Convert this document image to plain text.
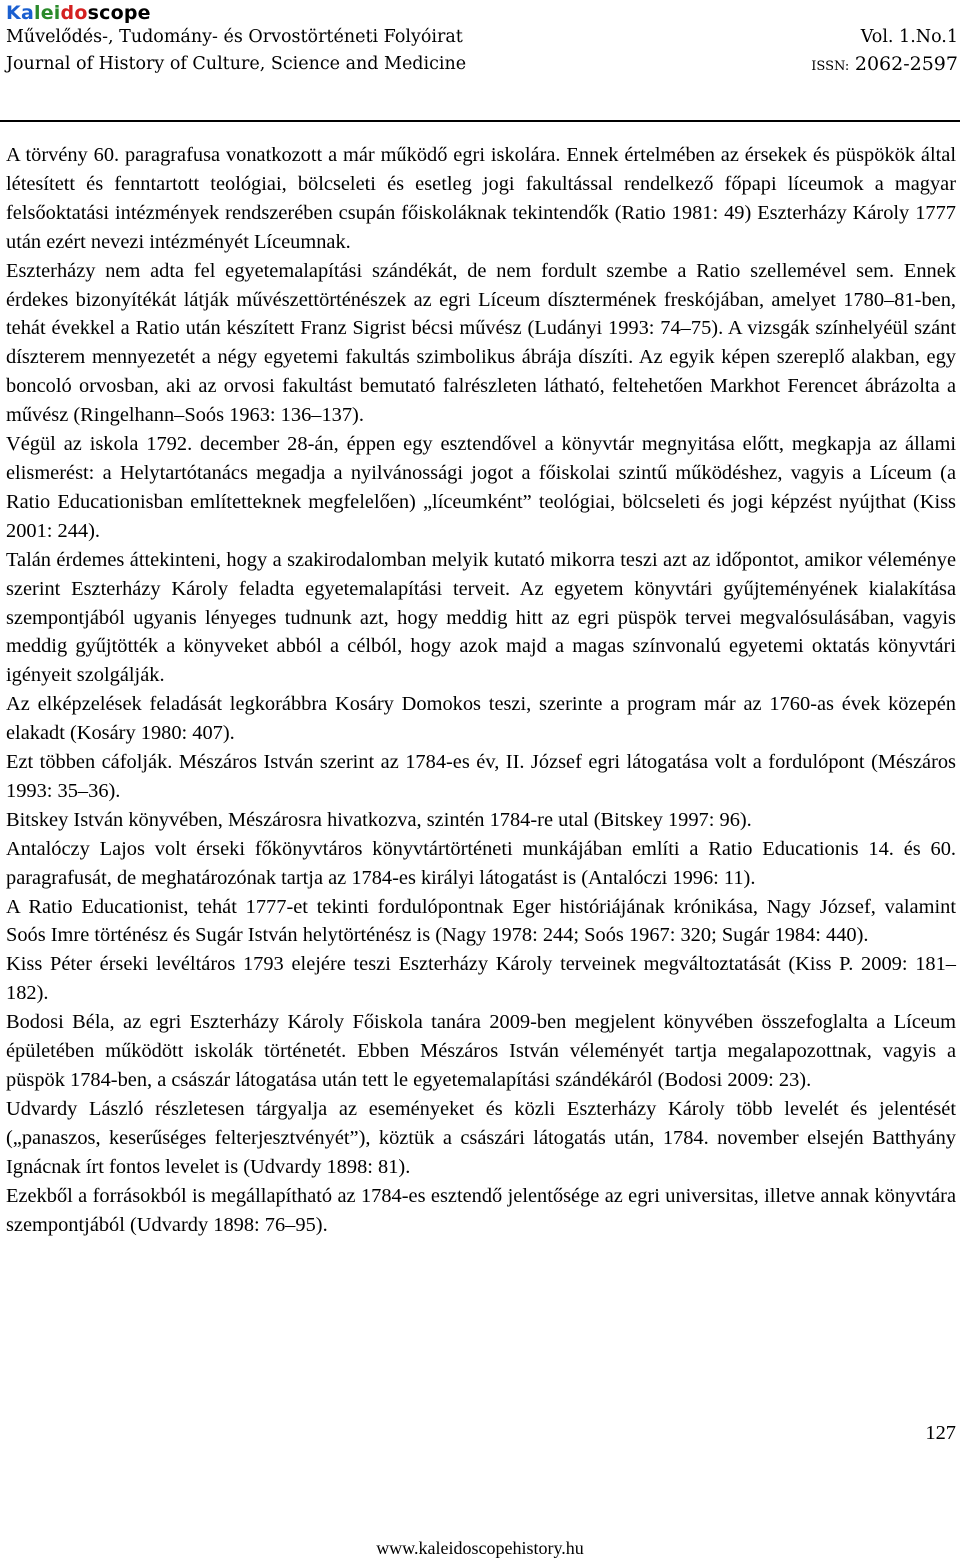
Kaleidoscope
Művelődés-, Tudomány- és Orvostörténeti Folyóirat	Vol. 1.No.1
Journal of History of Culture, Science and Medicine	ISSN: 2062-2597

A törvény 60. paragrafusa vonatkozott a már működő egri iskolára. Ennek értelmében az érsekek és püspökök által létesített és fenntartott teológiai, bölcseleti és esetleg jogi fakultással rendelkező főpapi líceumok a magyar felsőoktatási intézmények rendszerében csupán főiskoláknak tekintendők (Ratio 1981: 49) Eszterházy Károly 1777 után ezért nevezi intézményét Líceumnak.

Eszterházy nem adta fel egyetemalapítási szándékát, de nem fordult szembe a Ratio szellemével sem. Ennek érdekes bizonyítékát látják művészettörténészek az egri Líceum dísztermének freskójában, amelyet 1780–81-ben, tehát évekkel a Ratio után készített Franz Sigrist bécsi művész (Ludányi 1993: 74–75). A vizsgák színhelyéül szánt díszterem mennyezetét a négy egyetemi fakultás szimbolikus ábrája díszíti. Az egyik képen szereplő alakban, egy boncoló orvosban, aki az orvosi fakultást bemutató falrészleten látható, feltehetően Markhot Ferencet ábrázolta a művész (Ringelhann–Soós 1963: 136–137).

Végül az iskola 1792. december 28-án, éppen egy esztendővel a könyvtár megnyitása előtt, megkapja az állami elismerést: a Helytartótanács megadja a nyilvánossági jogot a főiskolai szintű működéshez, vagyis a Líceum (a Ratio Educationisban említetteknek megfelelően) „líceumként” teológiai, bölcseleti és jogi képzést nyújthat (Kiss 2001: 244).

Talán érdemes áttekinteni, hogy a szakirodalomban melyik kutató mikorra teszi azt az időpontot, amikor véleménye szerint Eszterházy Károly feladta egyetemalapítási terveit. Az egyetem könyvtári gyűjteményének kialakítása szempontjából ugyanis lényeges tudnunk azt, hogy meddig hitt az egri püspök tervei megvalósulásában, vagyis meddig gyűjtötték a könyveket abból a célból, hogy azok majd a magas színvonalú egyetemi oktatás könyvtári igényeit szolgálják.

Az elképzelések feladását legkorábbra Kosáry Domokos teszi, szerinte a program már az 1760-as évek közepén elakadt (Kosáry 1980: 407).

Ezt többen cáfolják. Mészáros István szerint az 1784-es év, II. József egri látogatása volt a fordulópont (Mészáros 1993: 35–36).

Bitskey István könyvében, Mészárosra hivatkozva, szintén 1784-re utal (Bitskey 1997: 96).

Antalóczy Lajos volt érseki főkönyvtáros könyvtártörténeti munkájában említi a Ratio Educationis 14. és 60. paragrafusát, de meghatározónak tartja az 1784-es királyi látogatást is (Antalóczi 1996: 11).

A Ratio Educationist, tehát 1777-et tekinti fordulópontnak Eger históriájának krónikása, Nagy József, valamint Soós Imre történész és Sugár István helytörténész is (Nagy 1978: 244; Soós 1967: 320; Sugár 1984: 440).

Kiss Péter érseki levéltáros 1793 elejére teszi Eszterházy Károly terveinek megváltoztatását (Kiss P. 2009: 181–182).

Bodosi Béla, az egri Eszterházy Károly Főiskola tanára 2009-ben megjelent könyvében összefoglalta a Líceum épületében működött iskolák történetét. Ebben Mészáros István véleményét tartja megalapozottnak, vagyis a püspök 1784-ben, a császár látogatása után tett le egyetemalapítási szándékáról (Bodosi 2009: 23).

Udvardy László részletesen tárgyalja az eseményeket és közli Eszterházy Károly több levelét és jelentését („panaszos, keserűséges felterjesztvényét”), köztük a császári látogatás után, 1784. november elsején Batthyány Ignácnak írt fontos levelet is (Udvardy 1898: 81).

Ezekből a forrásokból is megállapítható az 1784-es esztendő jelentősége az egri universitas, illetve annak könyvtára szempontjából (Udvardy 1898: 76–95).

127
www.kaleidoscopehistory.hu
